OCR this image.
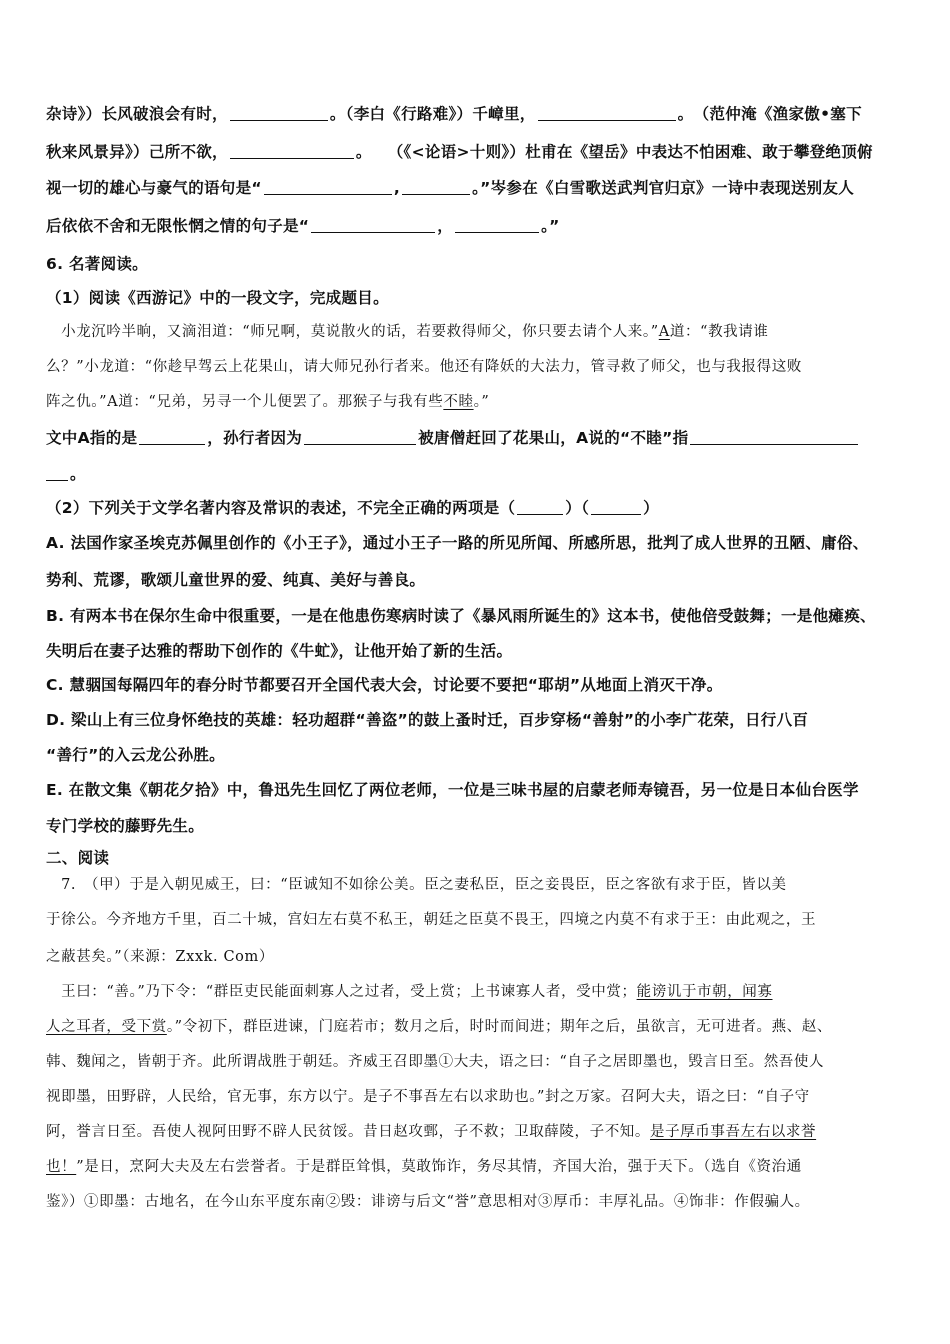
杂诗》）长风破浪会有时，	。（李白《行路难》）千嶂里，	。　（范仲淹《渔家傲•塞下
秋来风景异》）己所不欲，	。　　（《<论语>十则》）杜甫在《望岳》中表达不怕困难、敢于攀登绝顶俯
视一切的雄心与豪气的语句是“	,	。”岑参在《白雪歌送武判官归京》一诗中表现送别友人
后依依不舍和无限怅惘之情的句子是“	，	。”
6. 名著阅读。
（1）阅读《西游记》中的一段文字，完成题目。
　小龙沉吟半晌，又滴泪道：“师兄啊，莫说散火的话，若要救得师父，你只要去请个人来。”A道：“教我请谁
么？”小龙道：“你趁早驾云上花果山，请大师兄孙行者来。他还有降妖的大法力，管寻救了师父，也与我报得这败
阵之仇。”A道：“兄弟，另寻一个儿便罢了。那猴子与我有些不睦。”
文中A指的是	，孙行者因为	被唐僧赶回了花果山，A说的“不睦”指
。
（2）下列关于文学名著内容及常识的表述，不完全正确的两项是（	）（	）
A. 法国作家圣埃克苏佩里创作的《小王子》，通过小王子一路的所见所闻、所感所思，批判了成人世界的丑陋、庸俗、
势利、荒谬，歌颂儿童世界的爱、纯真、美好与善良。
B. 有两本书在保尔生命中很重要，一是在他患伤寒病时读了《暴风雨所诞生的》这本书，使他倍受鼓舞；一是他瘫痪、
失明后在妻子达雅的帮助下创作的《牛虻》，让他开始了新的生活。
C. 慧骃国每隔四年的春分时节都要召开全国代表大会，讨论要不要把“耶胡”从地面上消灭干净。
D. 梁山上有三位身怀绝技的英雄：轻功超群“善盗”的鼓上蚤时迁，百步穿杨“善射”的小李广花荣，日行八百
“善行”的入云龙公孙胜。
E. 在散文集《朝花夕拾》中，鲁迅先生回忆了两位老师，一位是三味书屋的启蒙老师寿镜吾，另一位是日本仙台医学
专门学校的藤野先生。
二、阅读
　7.　（甲）于是入朝见威王，曰：“臣诚知不如徐公美。臣之妻私臣，臣之妾畏臣，臣之客欲有求于臣，皆以美
于徐公。今齐地方千里，百二十城，宫妇左右莫不私王，朝廷之臣莫不畏王，四境之内莫不有求于王：由此观之，王
之蔽甚矣。”（来源：Zxxk. Com）
　王曰：“善。”乃下令：“群臣吏民能面刺寡人之过者，受上赏；上书谏寡人者，受中赏；能谤讥于市朝，闻寡
人之耳者，受下赏。”令初下，群臣进谏，门庭若市；数月之后，时时而间进；期年之后，虽欲言，无可进者。燕、赵、
韩、魏闻之，皆朝于齐。此所谓战胜于朝廷。齐威王召即墨①大夫，语之曰：“自子之居即墨也，毁言日至。然吾使人
视即墨，田野辟，人民给，官无事，东方以宁。是子不事吾左右以求助也。”封之万家。召阿大夫，语之曰：“自子守
阿，誉言日至。吾使人视阿田野不辟人民贫馁。昔日赵攻鄄，子不救；卫取薛陵，子不知。是子厚币事吾左右以求誉
也！”是日，烹阿大夫及左右尝誉者。于是群臣耸惧，莫敢饰诈，务尽其情，齐国大治，强于天下。（选自《资治通
鉴》）①即墨：古地名，在今山东平度东南②毁：诽谤与后文“誉”意思相对③厚币：丰厚礼品。④饰非：作假骗人。
